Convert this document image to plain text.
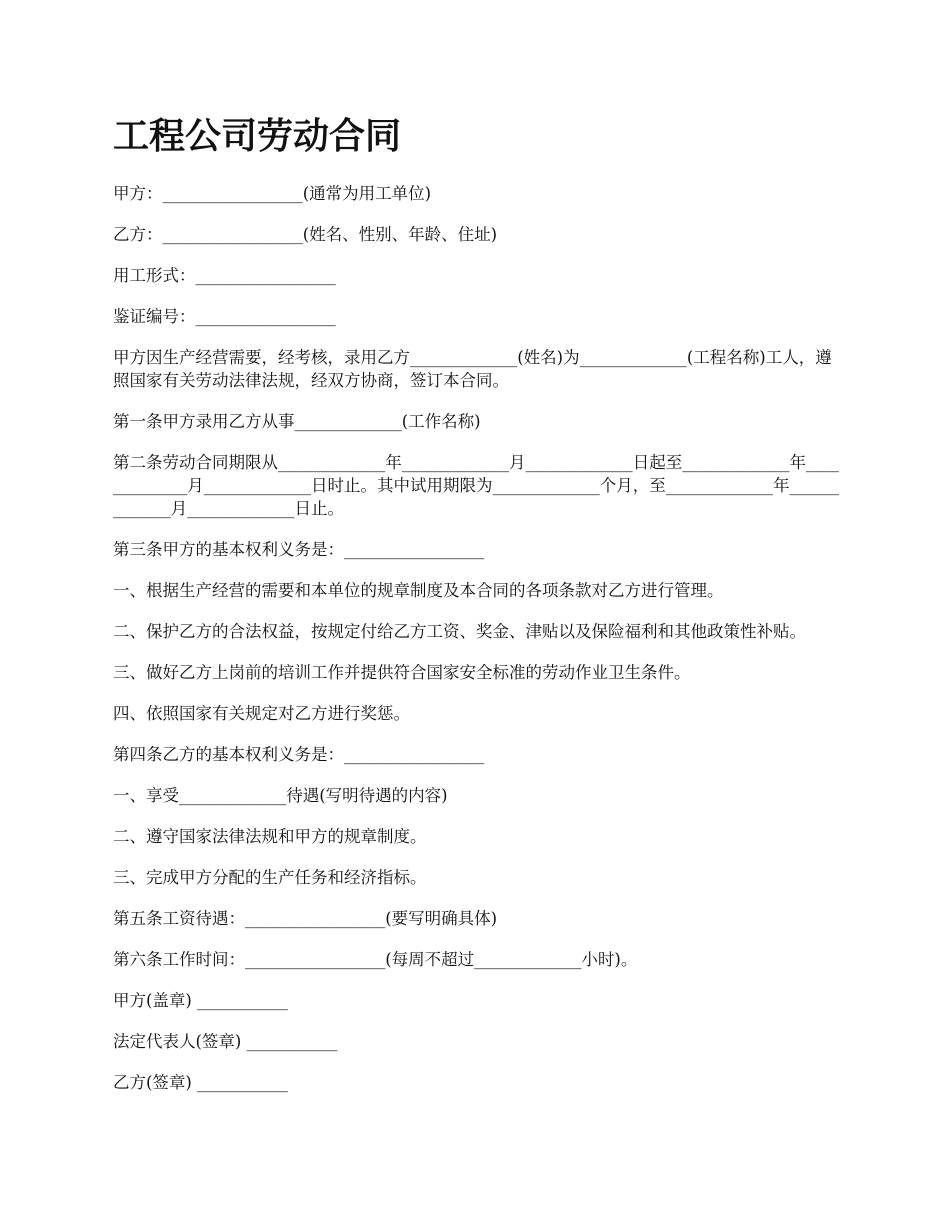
工程公司劳动合同
甲方：_________________(通常为用工单位)
乙方：_________________(姓名、性别、年龄、住址)
用工形式：_________________
鉴证编号：_________________
甲方因生产经营需要，经考核，录用乙方_____________(姓名)为_____________(工程名称)工人，遵照国家有关劳动法律法规，经双方协商，签订本合同。
第一条甲方录用乙方从事_____________(工作名称)
第二条劳动合同期限从_____________年_____________月_____________日起至_____________年_____________月_____________日时止。其中试用期限为_____________个月，至_____________年_____________月_____________日止。
第三条甲方的基本权利义务是：_________________
一、根据生产经营的需要和本单位的规章制度及本合同的各项条款对乙方进行管理。
二、保护乙方的合法权益，按规定付给乙方工资、奖金、津贴以及保险福利和其他政策性补贴。
三、做好乙方上岗前的培训工作并提供符合国家安全标准的劳动作业卫生条件。
四、依照国家有关规定对乙方进行奖惩。
第四条乙方的基本权利义务是：_________________
一、享受_____________待遇(写明待遇的内容)
二、遵守国家法律法规和甲方的规章制度。
三、完成甲方分配的生产任务和经济指标。
第五条工资待遇：_________________(要写明确具体)
第六条工作时间：_________________(每周不超过_____________小时)。
甲方(盖章) ___________
法定代表人(签章) ___________
乙方(签章) ___________
